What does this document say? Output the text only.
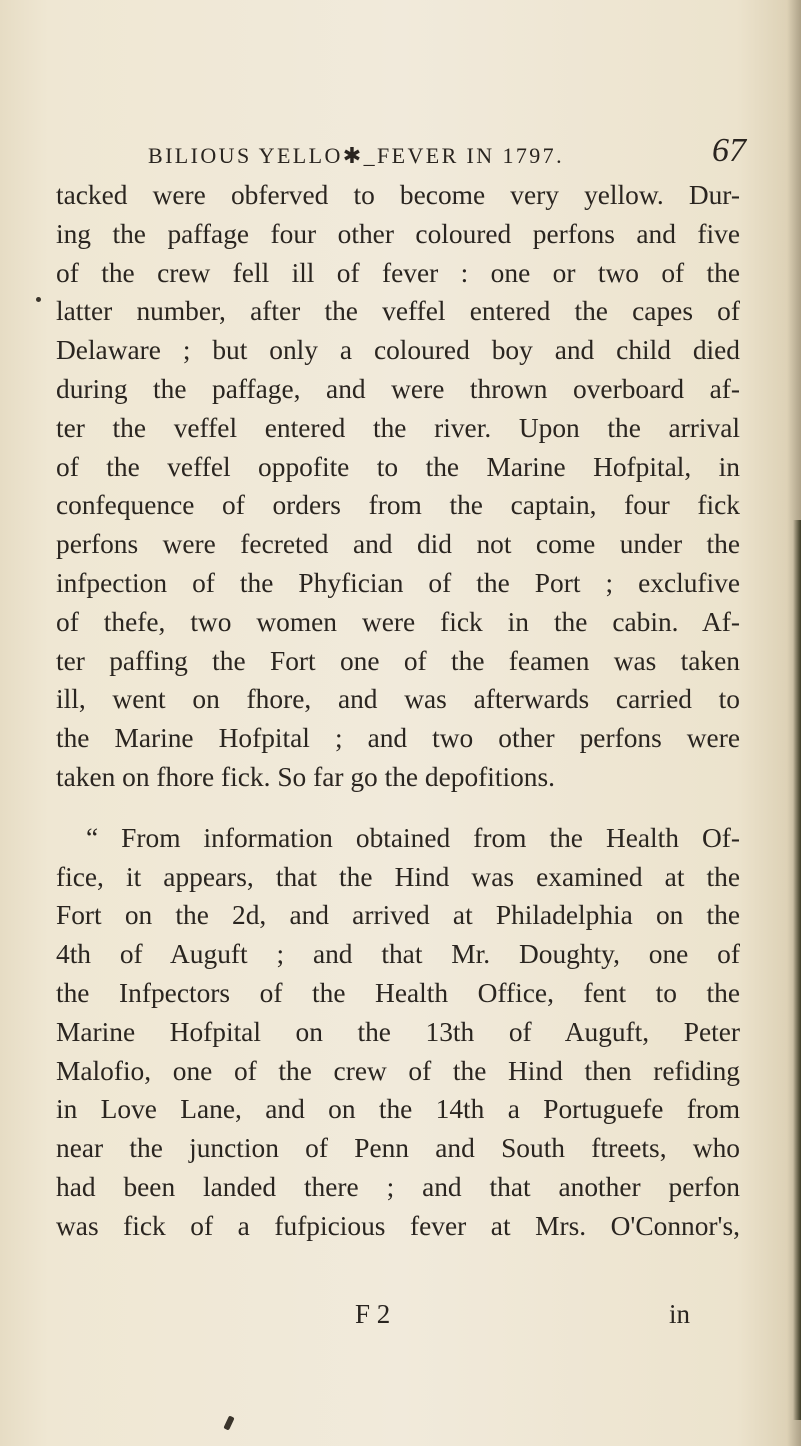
BILIOUS YELLO✱_FEVER IN 1797.	67
tacked were obferved to become very yellow. Dur-
ing the paffage four other coloured perfons and five
of the crew fell ill of fever : one or two of the
latter number, after the veffel entered the capes of
Delaware ; but only a coloured boy and child died
during the paffage, and were thrown overboard af-
ter the veffel entered the river. Upon the arrival
of the veffel oppofite to the Marine Hofpital, in
confequence of orders from the captain, four fick
perfons were fecreted and did not come under the
infpection of the Phyfician of the Port ; exclufive
of thefe, two women were fick in the cabin. Af-
ter paffing the Fort one of the feamen was taken
ill, went on fhore, and was afterwards carried to
the Marine Hofpital ; and two other perfons were
taken on fhore fick. So far go the depofitions.
“ From information obtained from the Health Of-
fice, it appears, that the Hind was examined at the
Fort on the 2d, and arrived at Philadelphia on the
4th of Auguft ; and that Mr. Doughty, one of
the Infpectors of the Health Office, fent to the
Marine Hofpital on the 13th of Auguft, Peter
Malofio, one of the crew of the Hind then refiding
in Love Lane, and on the 14th a Portuguefe from
near the junction of Penn and South ftreets, who
had been landed there ; and that another perfon
was fick of a fufpicious fever at Mrs. O'Connor's,
F 2	in
